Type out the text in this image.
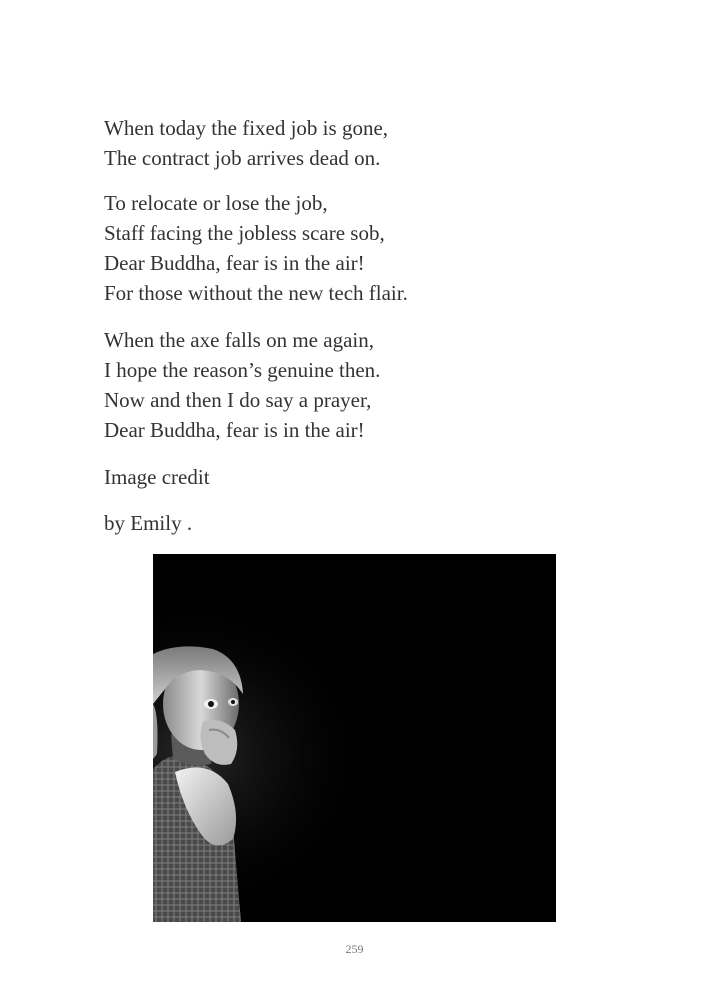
When today the fixed job is gone,
The contract job arrives dead on.
To relocate or lose the job,
Staff facing the jobless scare sob,
Dear Buddha, fear is in the air!
For those without the new tech flair.
When the axe falls on me again,
I hope the reason’s genuine then.
Now and then I do say a prayer,
Dear Buddha, fear is in the air!

Image credit

by Emily .

259
